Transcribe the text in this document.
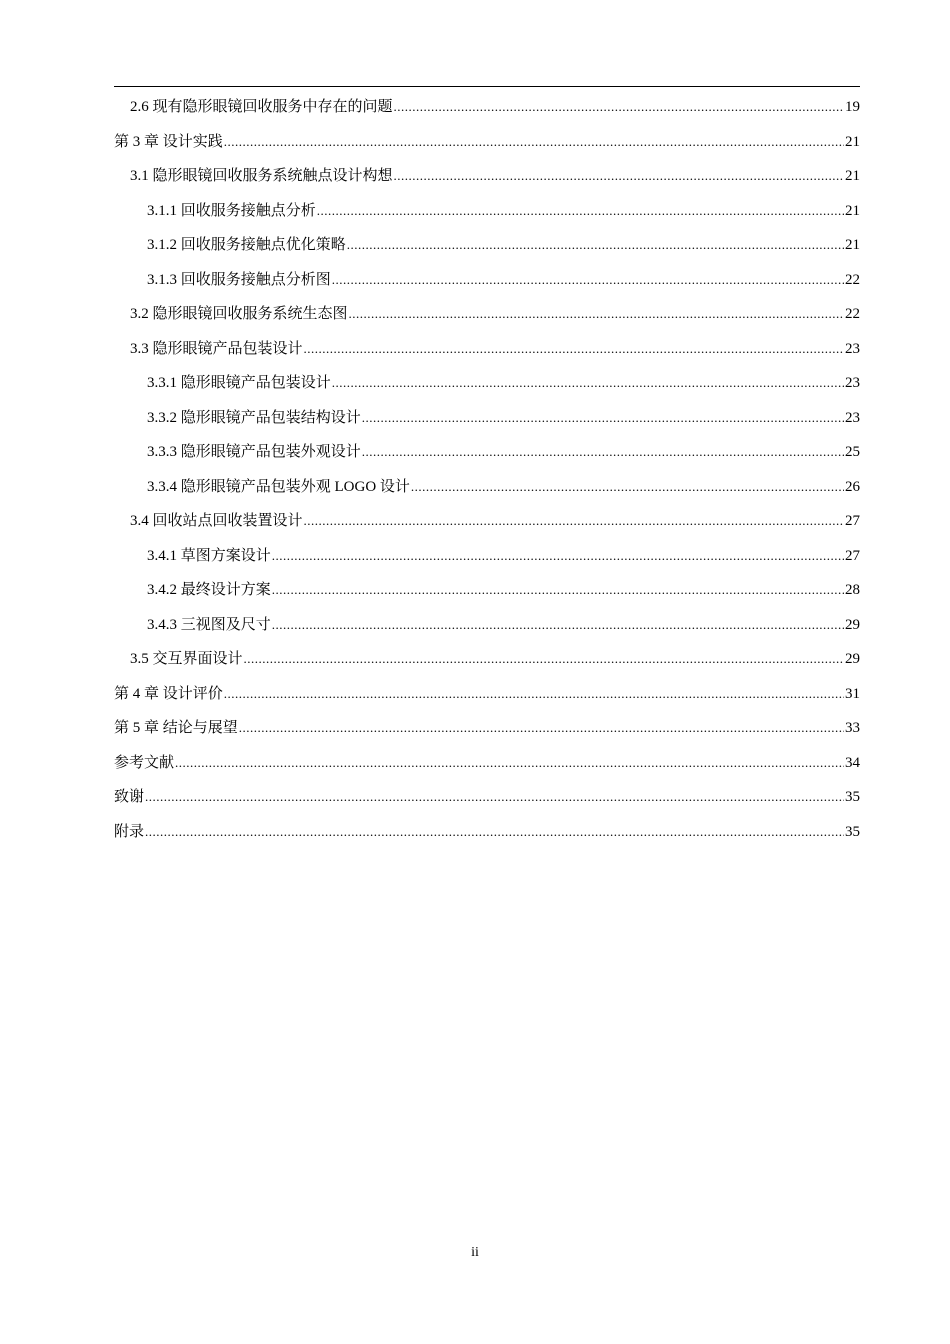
2.6 现有隐形眼镜回收服务中存在的问题 .....	19
第 3 章 设计实践 .....	21
3.1 隐形眼镜回收服务系统触点设计构想 .....	21
3.1.1 回收服务接触点分析 .....	21
3.1.2 回收服务接触点优化策略 .....	21
3.1.3 回收服务接触点分析图 .....	22
3.2 隐形眼镜回收服务系统生态图 .....	22
3.3 隐形眼镜产品包装设计 .....	23
3.3.1 隐形眼镜产品包装设计 .....	23
3.3.2 隐形眼镜产品包装结构设计 .....	23
3.3.3 隐形眼镜产品包装外观设计 .....	25
3.3.4 隐形眼镜产品包装外观 LOGO 设计 .....	26
3.4 回收站点回收装置设计 .....	27
3.4.1 草图方案设计 .....	27
3.4.2 最终设计方案 .....	28
3.4.3 三视图及尺寸 .....	29
3.5 交互界面设计 .....	29
第 4 章 设计评价 .....	31
第 5 章 结论与展望 .....	33
参考文献 .....	34
致谢 .....	35
附录 .....	35
ii
